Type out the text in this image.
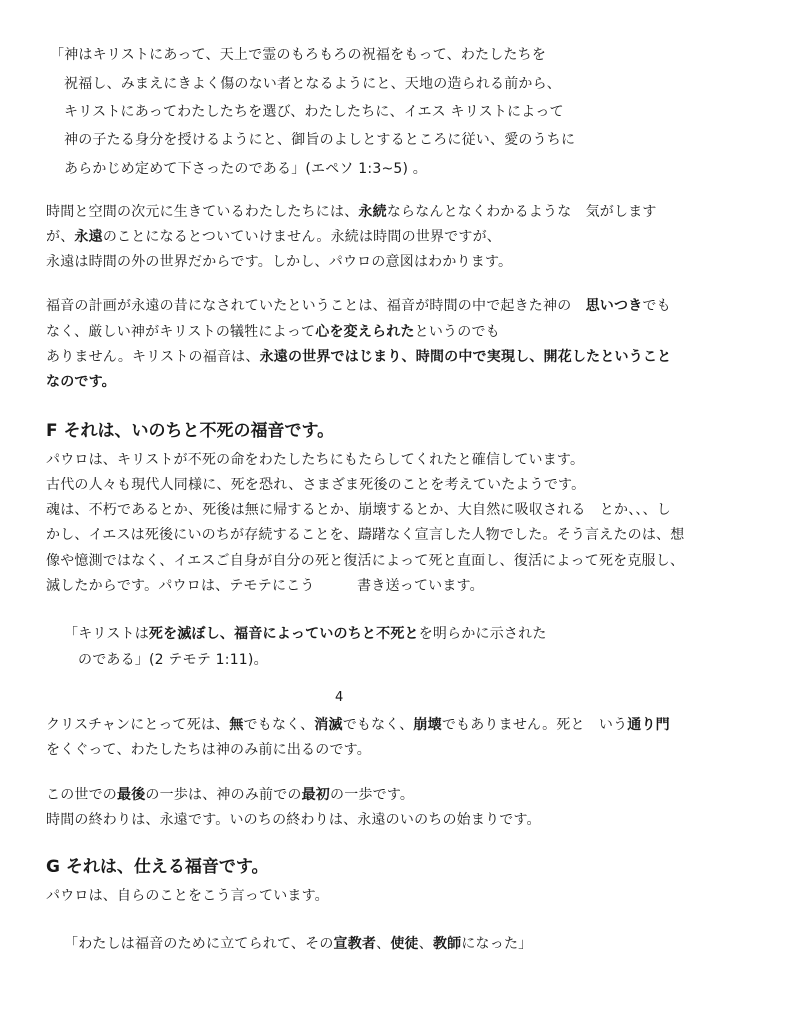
「神はキリストにあって、天上で霊のもろもろの祝福をもって、わたしたちを
祝福し、みまえにきよく傷のない者となるようにと、天地の造られる前から、
キリストにあってわたしたちを選び、わたしたちに、イエス キリストによって
神の子たる身分を授けるようにと、御旨のよしとするところに従い、愛のうちに
あらかじめ定めて下さったのである」(エペソ 1:3~5) 。
時間と空間の次元に生きているわたしたちには、永続ならなんとなくわかるような　気がします
が、永遠のことになるとついていけません。永続は時間の世界ですが、
永遠は時間の外の世界だからです。しかし、パウロの意図はわかります。
福音の計画が永遠の昔になされていたということは、福音が時間の中で起きた神の　思いつきでも
なく、厳しい神がキリストの犠牲によって心を変えられたというのでも
ありません。キリストの福音は、永遠の世界ではじまり、時間の中で実現し、開花したということ
なのです。
F それは、いのちと不死の福音です。
パウロは、キリストが不死の命をわたしたちにもたらしてくれたと確信しています。
古代の人々も現代人同様に、死を恐れ、さまざま死後のことを考えていたようです。
魂は、不朽であるとか、死後は無に帰するとか、崩壊するとか、大自然に吸収される　とか、、、し
かし、イエスは死後にいのちが存続することを、躊躇なく宣言した人物でした。そう言えたのは、想
像や憶測ではなく、イエスご自身が自分の死と復活によって死と直面し、復活によって死を克服し、
滅したからです。パウロは、テモテにこう　　　書き送っています。
「キリストは死を滅ぼし、福音によっていのちと不死とを明らかに示された
のである」(2 テモテ 1:11)。
4
クリスチャンにとって死は、無でもなく、消滅でもなく、崩壊でもありません。死と　いう通り門
をくぐって、わたしたちは神のみ前に出るのです。
この世での最後の一歩は、神のみ前での最初の一歩です。
時間の終わりは、永遠です。いのちの終わりは、永遠のいのちの始まりです。
G それは、仕える福音です。
パウロは、自らのことをこう言っています。
「わたしは福音のために立てられて、その宣教者、使徒、教師になった」
